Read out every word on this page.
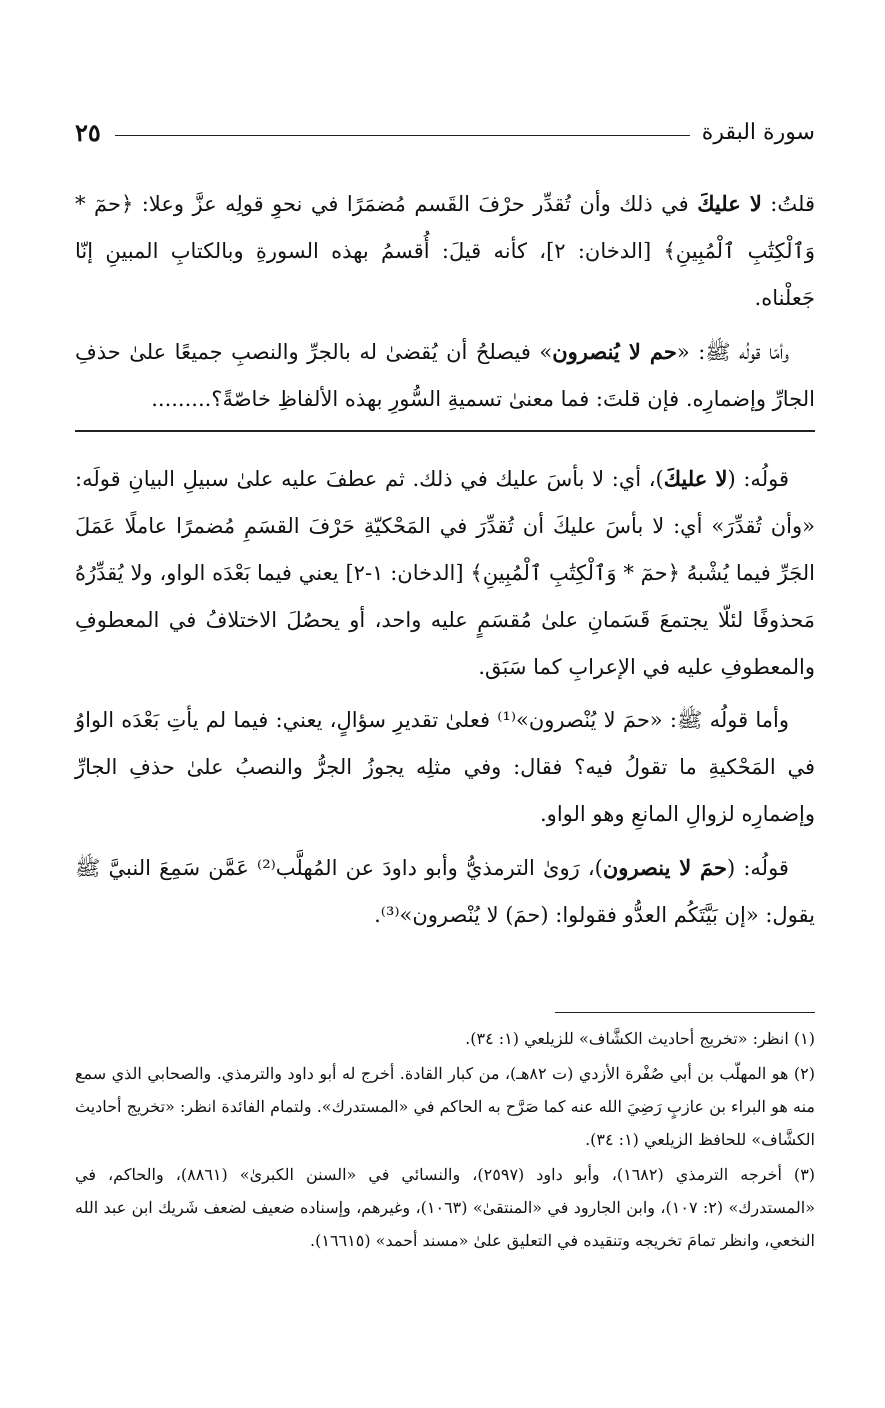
سورة البقرة
٢٥

قلتُ: لا عليكَ في ذلك وأن تُقدِّر حرْفَ القَسم مُضمَرًا في نحوِ قولِه عزَّ وعلا: ﴿حمٓ * وَٱلْكِتَٰبِ ٱلْمُبِينِ﴾ [الدخان: ٢]، كأنه قيلَ: أُقسمُ بهذه السورةِ وبالكتابِ المبينِ إنّا جَعلْناه.

وأمّا قولُه ﷺ: «حم لا يُنصرون» فيصلحُ أن يُقضىٰ له بالجرِّ والنصبِ جميعًا علىٰ حذفِ الجارِّ وإضمارِه. فإن قلتَ: فما معنىٰ تسميةِ السُّورِ بهذه الألفاظِ خاصّةً؟.........

قولُه: (لا عليكَ)، أي: لا بأسَ عليك في ذلك. ثم عطفَ عليه علىٰ سبيلِ البيانِ قولَه: «وأن تُقدِّرَ» أي: لا بأسَ عليكَ أن تُقدِّرَ في المَحْكيّةِ حَرْفَ القسَمِ مُضمرًا عاملًا عَمَلَ الجَرِّ فيما يُشْبهُ ﴿حمٓ * وَٱلْكِتَٰبِ ٱلْمُبِينِ﴾ [الدخان: ١-٢] يعني فيما بَعْدَه الواو، ولا يُقدِّرُهُ مَحذوفًا لئلّا يجتمعَ قَسَمانِ علىٰ مُقسَمٍ عليه واحد، أو يحصُلَ الاختلافُ في المعطوفِ والمعطوفِ عليه في الإعرابِ كما سَبَق.

وأما قولُه ﷺ: «حمَ لا يُنْصرون»⁽¹⁾ فعلىٰ تقديرِ سؤالٍ، يعني: فيما لم يأتِ بَعْدَه الواوُ في المَحْكيةِ ما تقولُ فيه؟ فقال: وفي مثلِه يجوزُ الجرُّ والنصبُ علىٰ حذفِ الجارِّ وإضمارِه لزوالِ المانعِ وهو الواو.

قولُه: (حمَ لا ينصرون)، رَوىٰ الترمذيُّ وأبو داودَ عن المُهلَّب⁽²⁾ عَمَّن سَمِعَ النبيَّ ﷺ يقول: «إن بَيَّتَكُم العدُّو فقولوا: (حمَ) لا يُنْصرون»⁽³⁾.

(١) انظر: «تخريج أحاديث الكشَّاف» للزيلعي (١: ٣٤).

(٢) هو المهلّب بن أبي صُفْرة الأزدي (ت ٨٢هـ)، من كبار القادة. أخرج له أبو داود والترمذي. والصحابي الذي سمع منه هو البراء بن عازبٍ رَضِيَ الله عنه كما صَرَّح به الحاكم في «المستدرك». ولتمام الفائدة انظر: «تخريج أحاديث الكشَّاف» للحافظ الزيلعي (١: ٣٤).

(٣) أخرجه الترمذي (١٦٨٢)، وأبو داود (٢٥٩٧)، والنسائي في «السنن الكبرىٰ» (٨٨٦١)، والحاكم، في «المستدرك» (٢: ١٠٧)، وابن الجارود في «المنتقىٰ» (١٠٦٣)، وغيرهم، وإسناده ضعيف لضعف شَريك ابن عبد الله النخعي، وانظر تمامَ تخريجه وتنقيده في التعليق علىٰ «مسند أحمد» (١٦٦١٥).
